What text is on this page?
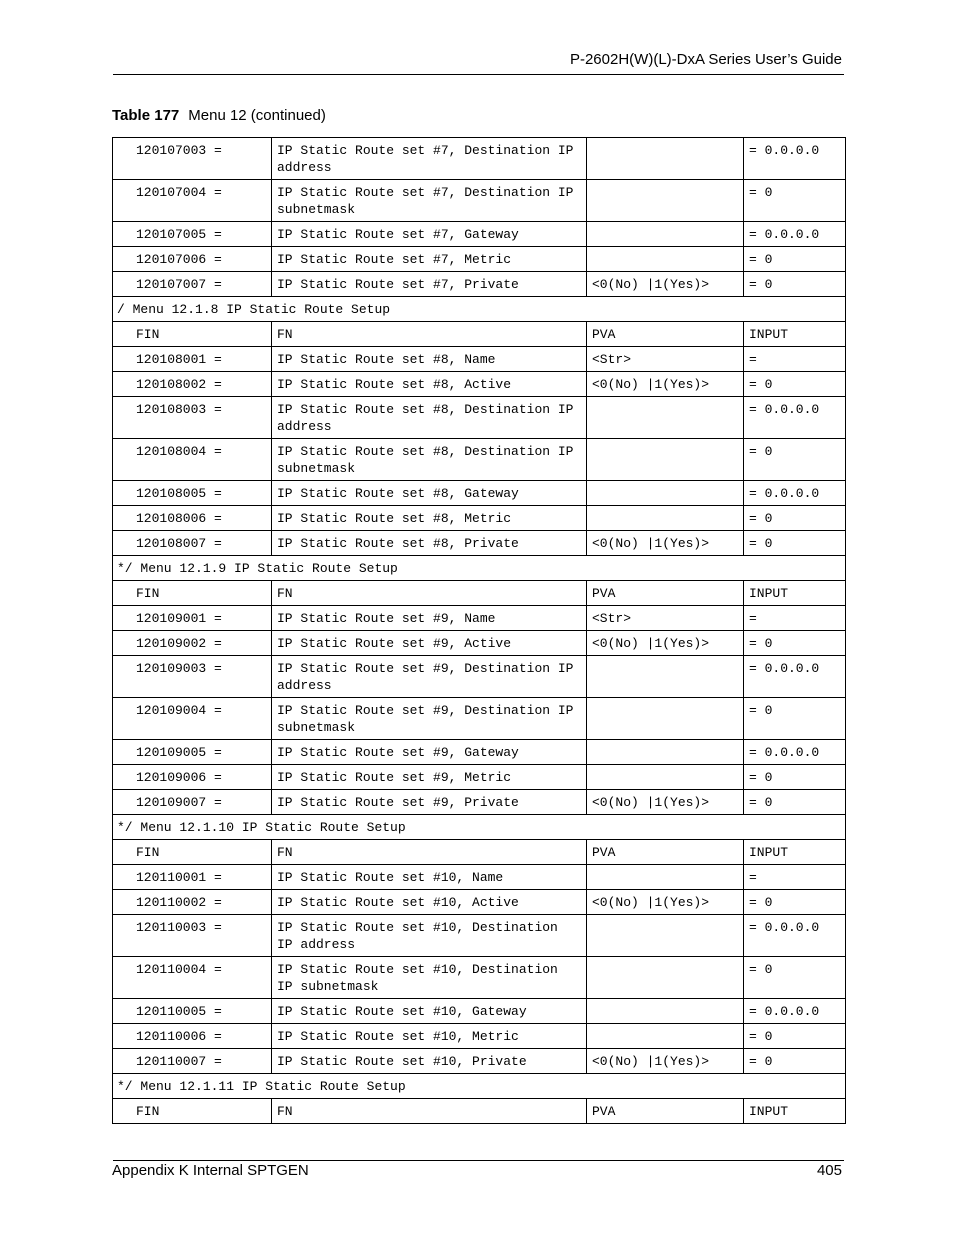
P-2602H(W)(L)-DxA Series User’s Guide
Table 177 Menu 12 (continued)
120107003 =	IP Static Route set #7, Destination IP address		= 0.0.0.0
120107004 =	IP Static Route set #7, Destination IP subnetmask		= 0
120107005 =	IP Static Route set #7, Gateway		= 0.0.0.0
120107006 =	IP Static Route set #7, Metric		= 0
120107007 =	IP Static Route set #7, Private	<0(No) |1(Yes)>	= 0
/ Menu 12.1.8 IP Static Route Setup			
FIN	FN	PVA	INPUT
120108001 =	IP Static Route set #8, Name	<Str>	=
120108002 =	IP Static Route set #8, Active	<0(No) |1(Yes)>	= 0
120108003 =	IP Static Route set #8, Destination IP address		= 0.0.0.0
120108004 =	IP Static Route set #8, Destination IP subnetmask		= 0
120108005 =	IP Static Route set #8, Gateway		= 0.0.0.0
120108006 =	IP Static Route set #8, Metric		= 0
120108007 =	IP Static Route set #8, Private	<0(No) |1(Yes)>	= 0
*/ Menu 12.1.9 IP Static Route Setup			
FIN	FN	PVA	INPUT
120109001 =	IP Static Route set #9, Name	<Str>	=
120109002 =	IP Static Route set #9, Active	<0(No) |1(Yes)>	= 0
120109003 =	IP Static Route set #9, Destination IP address		= 0.0.0.0
120109004 =	IP Static Route set #9, Destination IP subnetmask		= 0
120109005 =	IP Static Route set #9, Gateway		= 0.0.0.0
120109006 =	IP Static Route set #9, Metric		= 0
120109007 =	IP Static Route set #9, Private	<0(No) |1(Yes)>	= 0
*/ Menu 12.1.10 IP Static Route Setup			
FIN	FN	PVA	INPUT
120110001 =	IP Static Route set #10, Name		=
120110002 =	IP Static Route set #10, Active	<0(No) |1(Yes)>	= 0
120110003 =	IP Static Route set #10, Destination IP address		= 0.0.0.0
120110004 =	IP Static Route set #10, Destination IP subnetmask		= 0
120110005 =	IP Static Route set #10, Gateway		= 0.0.0.0
120110006 =	IP Static Route set #10, Metric		= 0
120110007 =	IP Static Route set #10, Private	<0(No) |1(Yes)>	= 0
*/ Menu 12.1.11 IP Static Route Setup			
FIN	FN	PVA	INPUT
Appendix K Internal SPTGEN	405
